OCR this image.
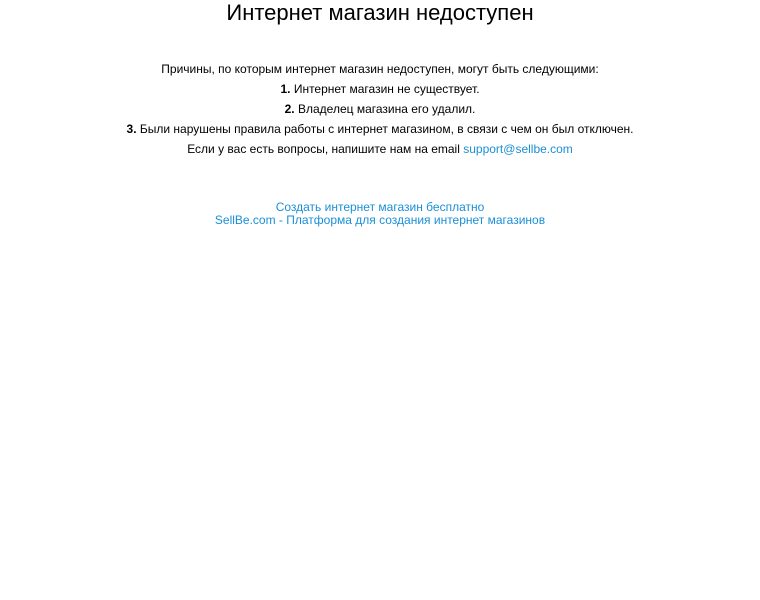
Интернет магазин недоступен
Причины, по которым интернет магазин недоступен, могут быть следующими:
1. Интернет магазин не существует.
2. Владелец магазина его удалил.
3. Были нарушены правила работы с интернет магазином, в связи с чем он был отключен.
Если у вас есть вопросы, напишите нам на email support@sellbe.com
Создать интернет магазин бесплатно
SellBe.com - Платформа для создания интернет магазинов
